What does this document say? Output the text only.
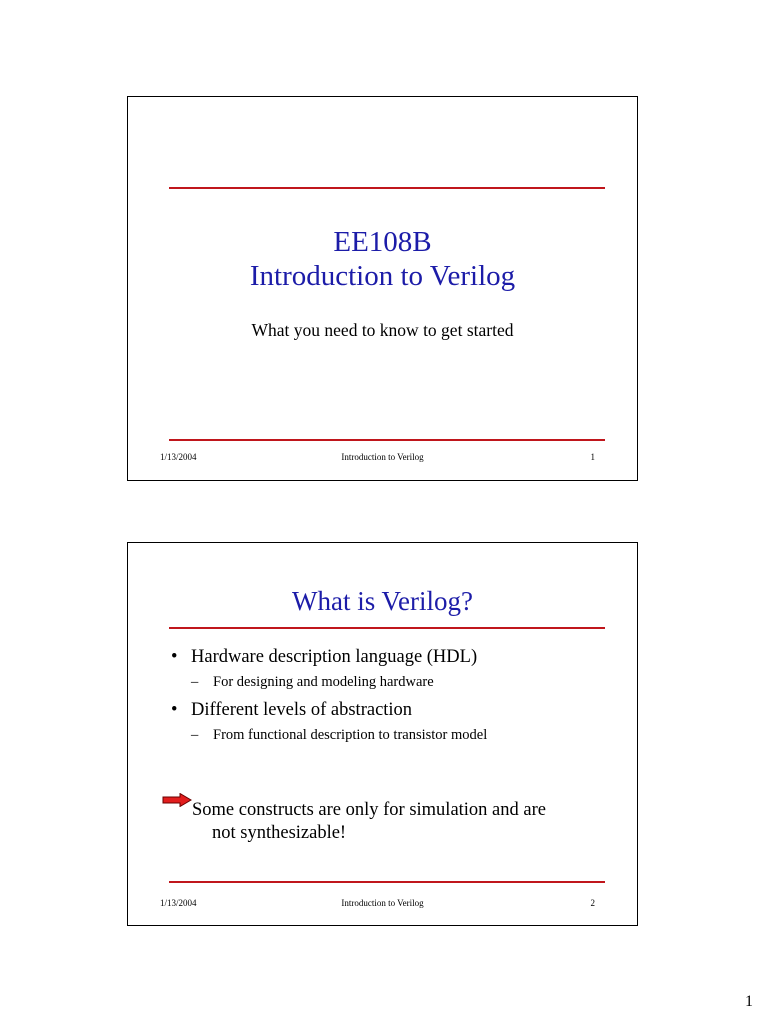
EE108B
Introduction to Verilog
What you need to know to get started
1/13/2004	Introduction to Verilog	1
What is Verilog?
• Hardware description language (HDL)
– For designing and modeling hardware
• Different levels of abstraction
– From functional description to transistor model
Some constructs are only for simulation and are
not synthesizable!
1/13/2004	Introduction to Verilog	2
1
